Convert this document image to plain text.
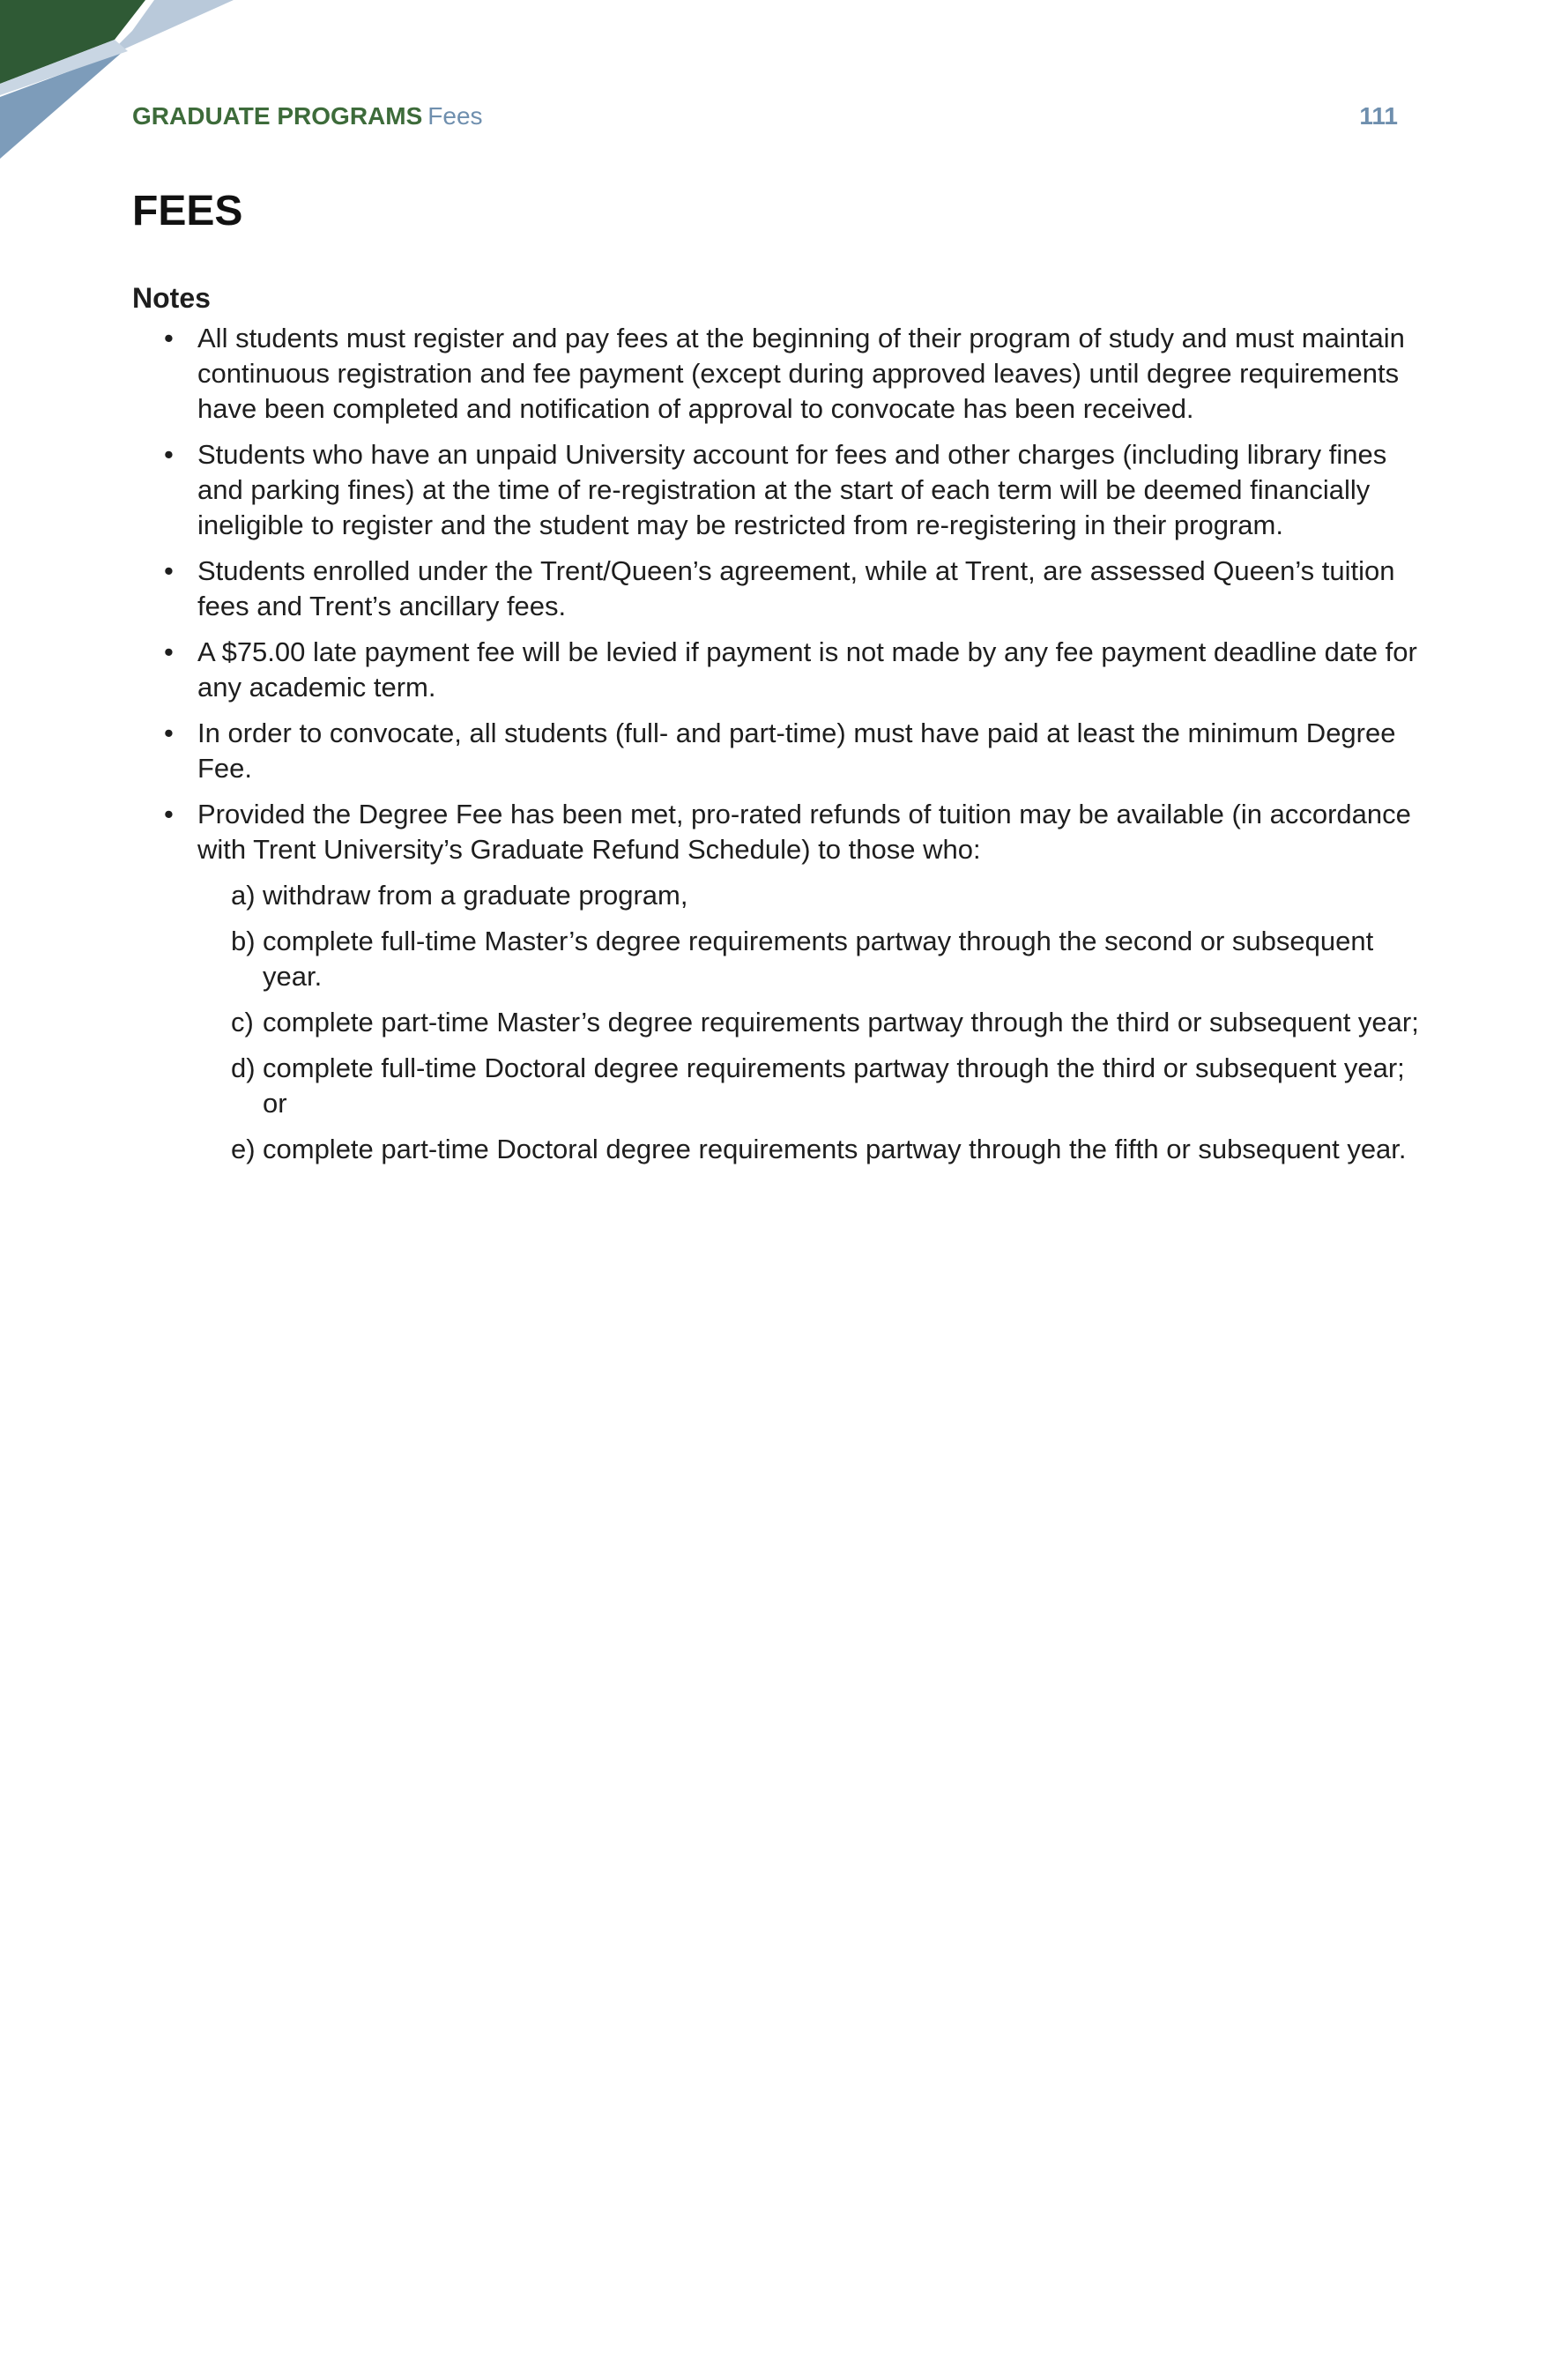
GRADUATE PROGRAMS Fees	111
FEES
Notes
• All students must register and pay fees at the beginning of their program of study and must maintain continuous registration and fee payment (except during approved leaves) until degree requirements have been completed and notification of approval to convocate has been received.
• Students who have an unpaid University account for fees and other charges (including library fines and parking fines) at the time of re-registration at the start of each term will be deemed financially ineligible to register and the student may be restricted from re-registering in their program.
• Students enrolled under the Trent/Queen’s agreement, while at Trent, are assessed Queen’s tuition fees and Trent’s ancillary fees.
• A $75.00 late payment fee will be levied if payment is not made by any fee payment deadline date for any academic term.
• In order to convocate, all students (full- and part-time) must have paid at least the minimum Degree Fee.
• Provided the Degree Fee has been met, pro-rated refunds of tuition may be available (in accordance with Trent University’s Graduate Refund Schedule) to those who:
a) withdraw from a graduate program,
b) complete full-time Master’s degree requirements partway through the second or subsequent year.
c) complete part-time Master’s degree requirements partway through the third or subsequent year;
d) complete full-time Doctoral degree requirements partway through the third or subsequent year; or
e) complete part-time Doctoral degree requirements partway through the fifth or subsequent year.
